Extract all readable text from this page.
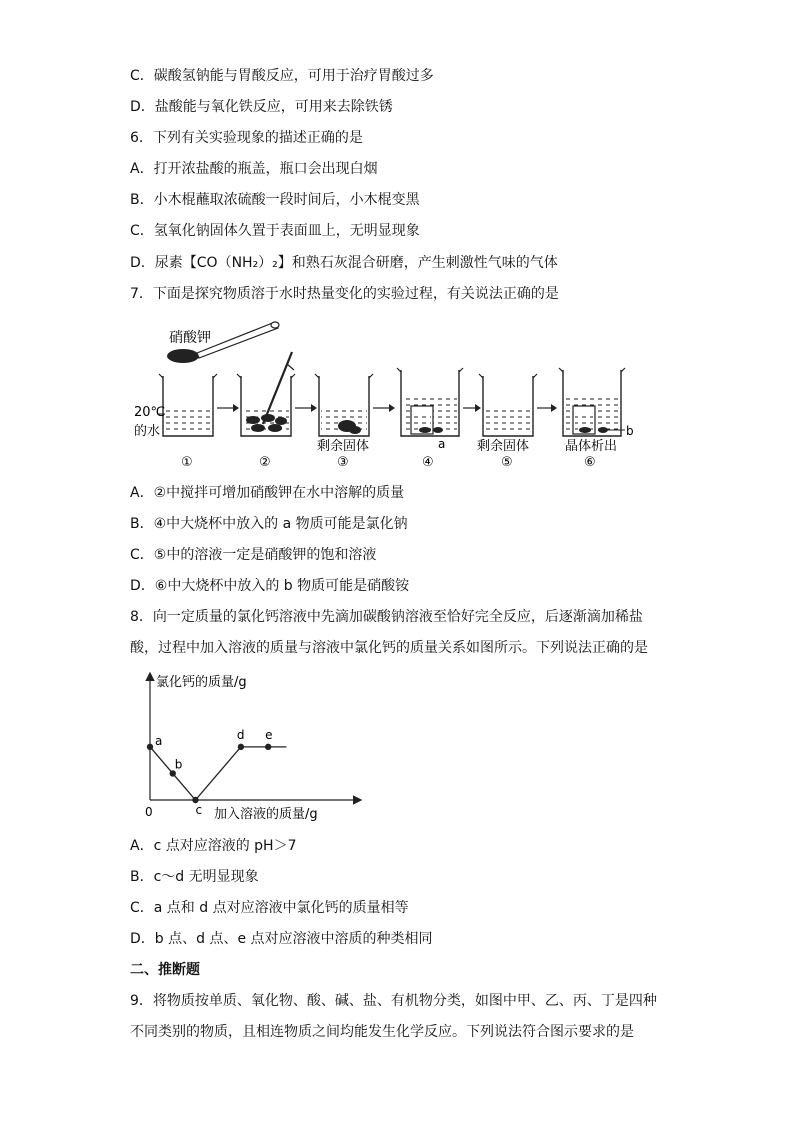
C．碳酸氢钠能与胃酸反应，可用于治疗胃酸过多
D．盐酸能与氧化铁反应，可用来去除铁锈
6．下列有关实验现象的描述正确的是
A．打开浓盐酸的瓶盖，瓶口会出现白烟
B．小木棍蘸取浓硫酸一段时间后，小木棍变黑
C．氢氧化钠固体久置于表面皿上，无明显现象
D．尿素【CO（NH₂）₂】和熟石灰混合研磨，产生刺激性气味的气体
7．下面是探究物质溶于水时热量变化的实验过程，有关说法正确的是
硝酸钾
20℃
的水
剩余固体	a 剩余固体	晶体析出
b
①	②	③	④	⑤	⑥
A．②中搅拌可增加硝酸钾在水中溶解的质量
B．④中大烧杯中放入的 a 物质可能是氯化钠
C．⑤中的溶液一定是硝酸钾的饱和溶液
D．⑥中大烧杯中放入的 b 物质可能是硝酸铵
8．向一定质量的氯化钙溶液中先滴加碳酸钠溶液至恰好完全反应，后逐渐滴加稀盐
酸，过程中加入溶液的质量与溶液中氯化钙的质量关系如图所示。下列说法正确的是
氯化钙的质量/g
加入溶液的质量/g
0
a
b
c
d e
A．c 点对应溶液的 pH＞7
B．c～d 无明显现象
C．a 点和 d 点对应溶液中氯化钙的质量相等
D．b 点、d 点、e 点对应溶液中溶质的种类相同
二、推断题
9．将物质按单质、氧化物、酸、碱、盐、有机物分类，如图中甲、乙、丙、丁是四种
不同类别的物质，且相连物质之间均能发生化学反应。下列说法符合图示要求的是
